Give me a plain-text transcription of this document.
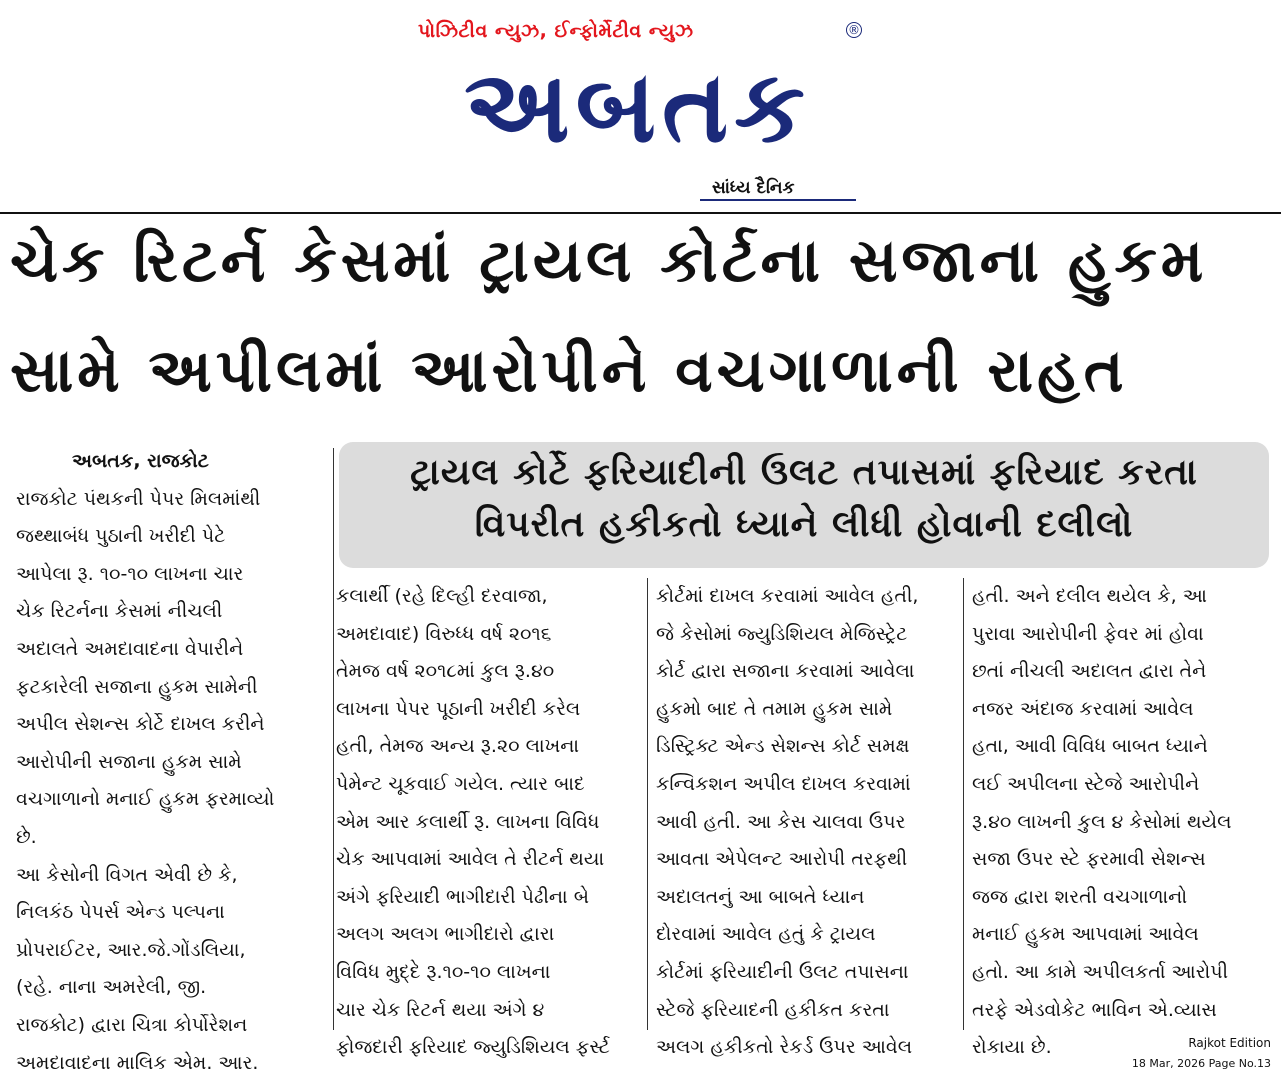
પોઝિટીવ ન્યુઝ, ઈન્ફોર્મેટીવ ન્યુઝ	®
અબતક
સાંધ્ય દૈનિક
ચેક રિટર્ન કેસમાં ટ્રાયલ કોર્ટના સજાના હુકમ
સામે અપીલમાં આરોપીને વચગાળાની રાહત
ટ્રાયલ કોર્ટે ફરિયાદીની ઉલટ તપાસમાં ફરિયાદ કરતા
વિપરીત હકીકતો ધ્યાને લીધી હોવાની દલીલો

અબતક, રાજકોટ

રાજકોટ પંથકની પેપર મિલમાંથી

જથ્થાબંધ પુઠાની ખરીદી પેટે

આપેલા રૂ. ૧૦-૧૦ લાખના ચાર

ચેક રિટર્નના કેસમાં નીચલી

અદાલતે અમદાવાદના વેપારીને

ફટકારેલી સજાના હુકમ સામેની

અપીલ સેશન્સ કોર્ટે દાખલ કરીને

આરોપીની સજાના હુકમ સામે

વચગાળાનો મનાઈ હુકમ ફરમાવ્યો

છે.

આ કેસોની વિગત એવી છે કે,

નિલકંઠ પેપર્સ એન્ડ પલ્પના

પ્રોપરાઈટર, આર.જે.ગોંડલિયા,

(રહે. નાના અમરેલી, જી.

રાજકોટ) દ્વારા ચિત્રા કોર્પોરેશન

અમદાવાદના માલિક એમ. આર.

કલાર્થી (રહે દિલ્હી દરવાજા,

અમદાવાદ) વિરુધ્ધ વર્ષ ૨૦૧૬

તેમજ વર્ષ ૨૦૧૮માં કુલ રૂ.૪૦

લાખના પેપર પૂઠાની ખરીદી કરેલ

હતી, તેમજ અન્ય રૂ.૨૦ લાખના

પેમેન્ટ ચૂકવાઈ ગયેલ. ત્યાર બાદ

એમ આર કલાર્થી રૂ. લાખના વિવિધ

ચેક આપવામાં આવેલ તે રીટર્ન થયા

અંગે ફરિયાદી ભાગીદારી પેઢીના બે

અલગ અલગ ભાગીદારો દ્વારા

વિવિધ મુદ્દે રૂ.૧૦-૧૦ લાખના

ચાર ચેક રિટર્ન થયા અંગે ૪

ફોજદારી ફરિયાદ જ્યુડિશિયલ ફર્સ્ટ

કોર્ટમાં દાખલ કરવામાં આવેલ હતી,

જે કેસોમાં જ્યુડિશિયલ મેજિસ્ટ્રેટ

કોર્ટ દ્વારા સજાના કરવામાં આવેલા

હુકમો બાદ તે તમામ હુકમ સામે

ડિસ્ટ્રિક્ટ એન્ડ સેશન્સ કોર્ટ સમક્ષ

કન્વિકશન અપીલ દાખલ કરવામાં

આવી હતી. આ કેસ ચાલવા ઉપર

આવતા એપેલન્ટ આરોપી તરફથી

અદાલતનું આ બાબતે ધ્યાન

દોરવામાં આવેલ હતું કે ટ્રાયલ

કોર્ટમાં ફરિયાદીની ઉલટ તપાસના

સ્ટેજે ફરિયાદની હકીકત કરતા

અલગ હકીકતો રેકર્ડ ઉપર આવેલ

હતી. અને દલીલ થયેલ કે, આ

પુરાવા આરોપીની ફેવર માં હોવા

છતાં નીચલી અદાલત દ્વારા તેને

નજર અંદાજ કરવામાં આવેલ

હતા, આવી વિવિધ બાબત ધ્યાને

લઈ અપીલના સ્ટેજે આરોપીને

રૂ.૪૦ લાખની કુલ ૪ કેસોમાં થયેલ

સજા ઉપર સ્ટે ફરમાવી સેશન્સ

જજ દ્વારા શરતી વચગાળાનો

મનાઈ હુકમ આપવામાં આવેલ

હતો. આ કામે અપીલકર્તા આરોપી

તરફે એડવોકેટ ભાવિન એ.વ્યાસ

રોકાયા છે.	Rajkot Edition
18 Mar, 2026 Page No.13
